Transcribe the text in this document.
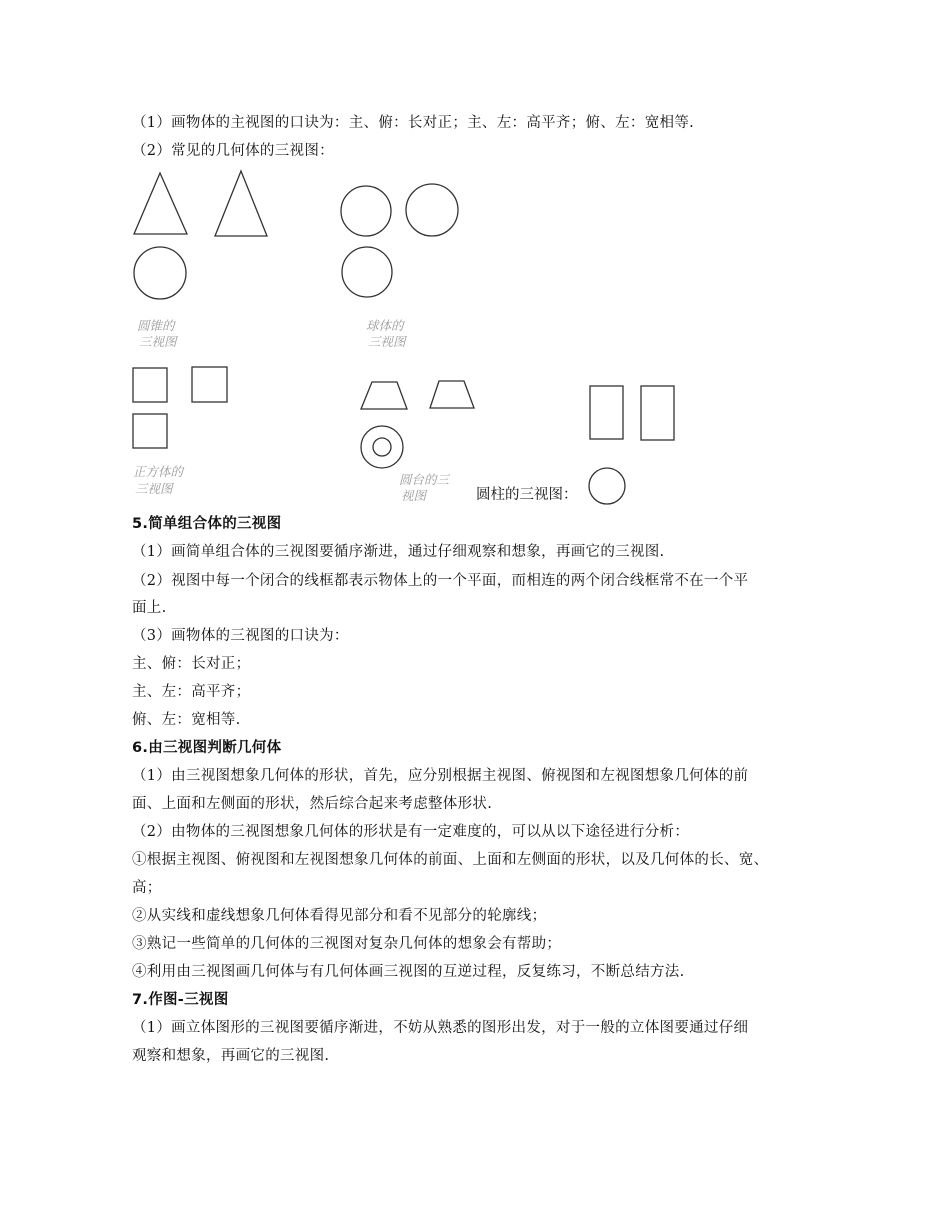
（1）画物体的主视图的口诀为：主、俯：长对正；主、左：高平齐；俯、左：宽相等.
（2）常见的几何体的三视图：
圆锥的
三视图
球体的
三视图
正方体的
三视图
圆台的三
视图	圆柱的三视图：
5.简单组合体的三视图
（1）画简单组合体的三视图要循序渐进，通过仔细观察和想象，再画它的三视图.
（2）视图中每一个闭合的线框都表示物体上的一个平面，而相连的两个闭合线框常不在一个平
面上.
（3）画物体的三视图的口诀为：
主、俯：长对正；
主、左：高平齐；
俯、左：宽相等.
6.由三视图判断几何体
（1）由三视图想象几何体的形状，首先，应分别根据主视图、俯视图和左视图想象几何体的前
面、上面和左侧面的形状，然后综合起来考虑整体形状.
（2）由物体的三视图想象几何体的形状是有一定难度的，可以从以下途径进行分析：
①根据主视图、俯视图和左视图想象几何体的前面、上面和左侧面的形状，以及几何体的长、宽、
高；
②从实线和虚线想象几何体看得见部分和看不见部分的轮廓线；
③熟记一些简单的几何体的三视图对复杂几何体的想象会有帮助；
④利用由三视图画几何体与有几何体画三视图的互逆过程，反复练习，不断总结方法.
7.作图-三视图
（1）画立体图形的三视图要循序渐进，不妨从熟悉的图形出发，对于一般的立体图要通过仔细
观察和想象，再画它的三视图.
